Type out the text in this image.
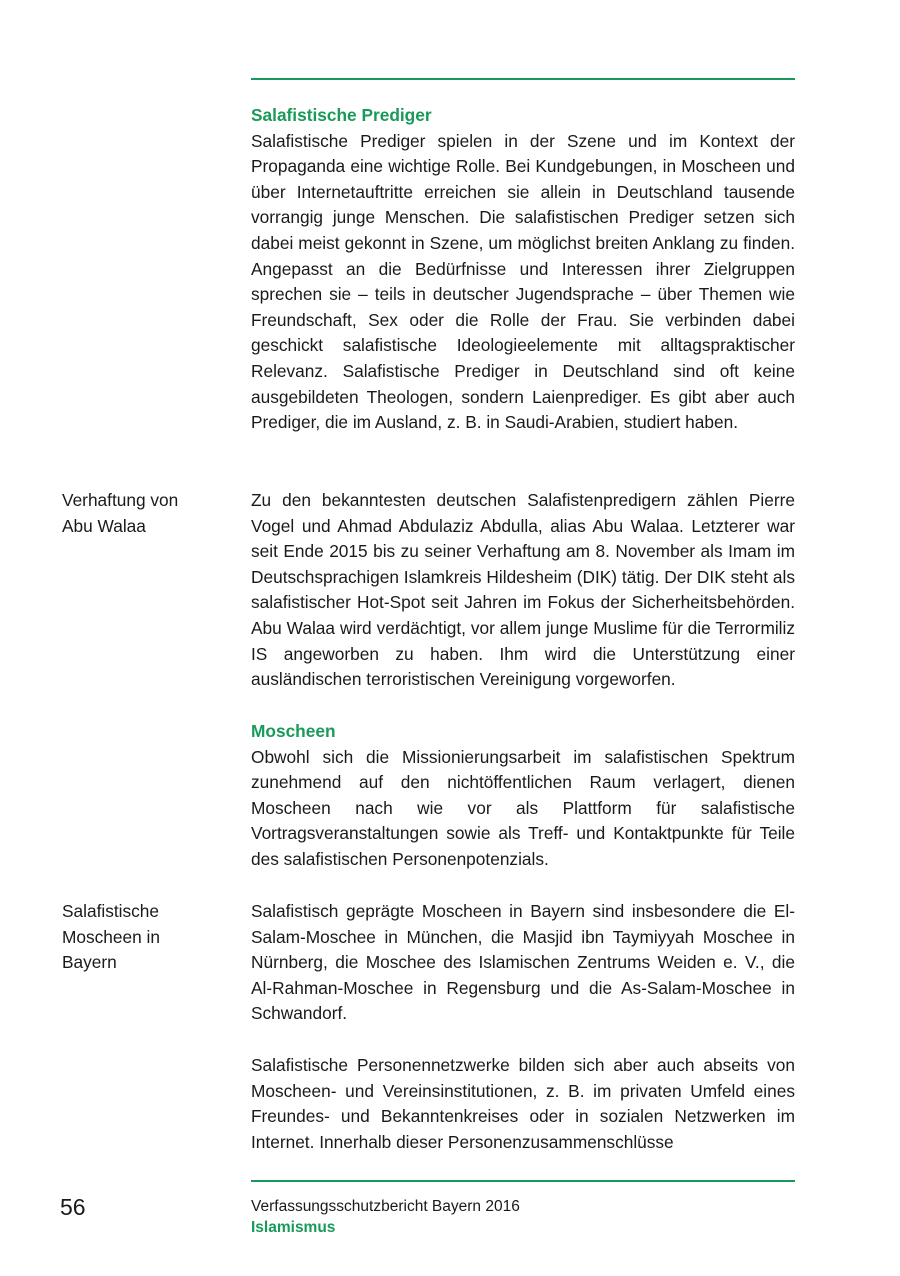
Salafistische Prediger

Salafistische Prediger spielen in der Szene und im Kontext der Propaganda eine wichtige Rolle. Bei Kundgebungen, in Moscheen und über Internetauftritte erreichen sie allein in Deutschland tausende vorrangig junge Menschen. Die salafistischen Prediger setzen sich dabei meist gekonnt in Szene, um möglichst breiten Anklang zu finden. Angepasst an die Bedürfnisse und Interessen ihrer Zielgruppen sprechen sie – teils in deutscher Jugendsprache – über Themen wie Freundschaft, Sex oder die Rolle der Frau. Sie verbinden dabei geschickt salafistische Ideologieelemente mit alltagspraktischer Relevanz. Salafistische Prediger in Deutschland sind oft keine ausgebildeten Theologen, sondern Laienprediger. Es gibt aber auch Prediger, die im Ausland, z. B. in Saudi-Arabien, studiert haben.

Verhaftung von
Abu Walaa

Zu den bekanntesten deutschen Salafistenpredigern zählen Pierre Vogel und Ahmad Abdulaziz Abdulla, alias Abu Walaa. Letzterer war seit Ende 2015 bis zu seiner Verhaftung am 8. November als Imam im Deutschsprachigen Islamkreis Hildesheim (DIK) tätig. Der DIK steht als salafistischer Hot-Spot seit Jahren im Fokus der Sicherheitsbehörden. Abu Walaa wird verdächtigt, vor allem junge Muslime für die Terrormiliz IS angeworben zu haben. Ihm wird die Unterstützung einer ausländischen terroristischen Vereinigung vorgeworfen.

Moscheen

Obwohl sich die Missionierungsarbeit im salafistischen Spektrum zunehmend auf den nichtöffentlichen Raum verlagert, dienen Moscheen nach wie vor als Plattform für salafistische Vortragsveranstaltungen sowie als Treff- und Kontaktpunkte für Teile des salafistischen Personenpotenzials.

Salafistische
Moscheen in
Bayern

Salafistisch geprägte Moscheen in Bayern sind insbesondere die El-Salam-Moschee in München, die Masjid ibn Taymiyyah Moschee in Nürnberg, die Moschee des Islamischen Zentrums Weiden e. V., die Al-Rahman-Moschee in Regensburg und die As-Salam-Moschee in Schwandorf.

Salafistische Personennetzwerke bilden sich aber auch abseits von Moscheen- und Vereinsinstitutionen, z. B. im privaten Umfeld eines Freundes- und Bekanntenkreises oder in sozialen Netzwerken im Internet. Innerhalb dieser Personenzusammenschlüsse

56	Verfassungsschutzbericht Bayern 2016
Islamismus
